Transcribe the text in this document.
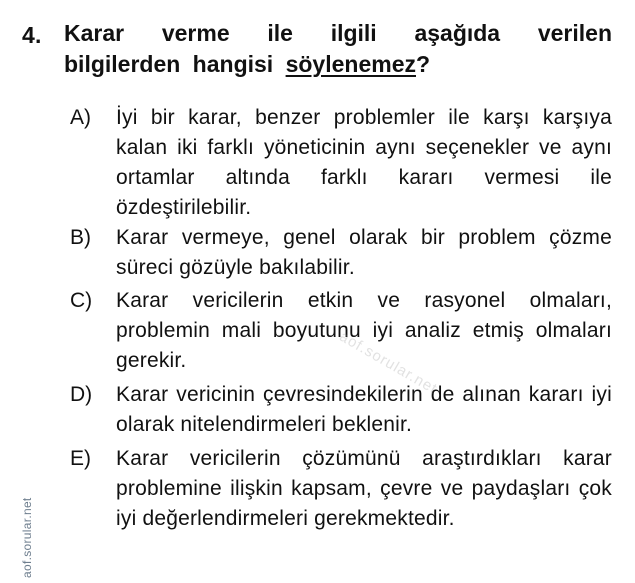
4. Karar verme ile ilgili aşağıda verilen bilgilerden hangisi söylenemez?
A) İyi bir karar, benzer problemler ile karşı karşıya kalan iki farklı yöneticinin aynı seçenekler ve aynı ortamlar altında farklı kararı vermesi ile özdeştirilebilir.
B) Karar vermeye, genel olarak bir problem çözme süreci gözüyle bakılabilir.
C) Karar vericilerin etkin ve rasyonel olmaları, problemin mali boyutunu iyi analiz etmiş olmaları gerekir.
D) Karar vericinin çevresindekilerin de alınan kararı iyi olarak nitelendirmeleri beklenir.
E) Karar vericilerin çözümünü araştırdıkları karar problemine ilişkin kapsam, çevre ve paydaşları çok iyi değerlendirmeleri gerekmektedir.
aof.sorular.net
aof.sorular.net
